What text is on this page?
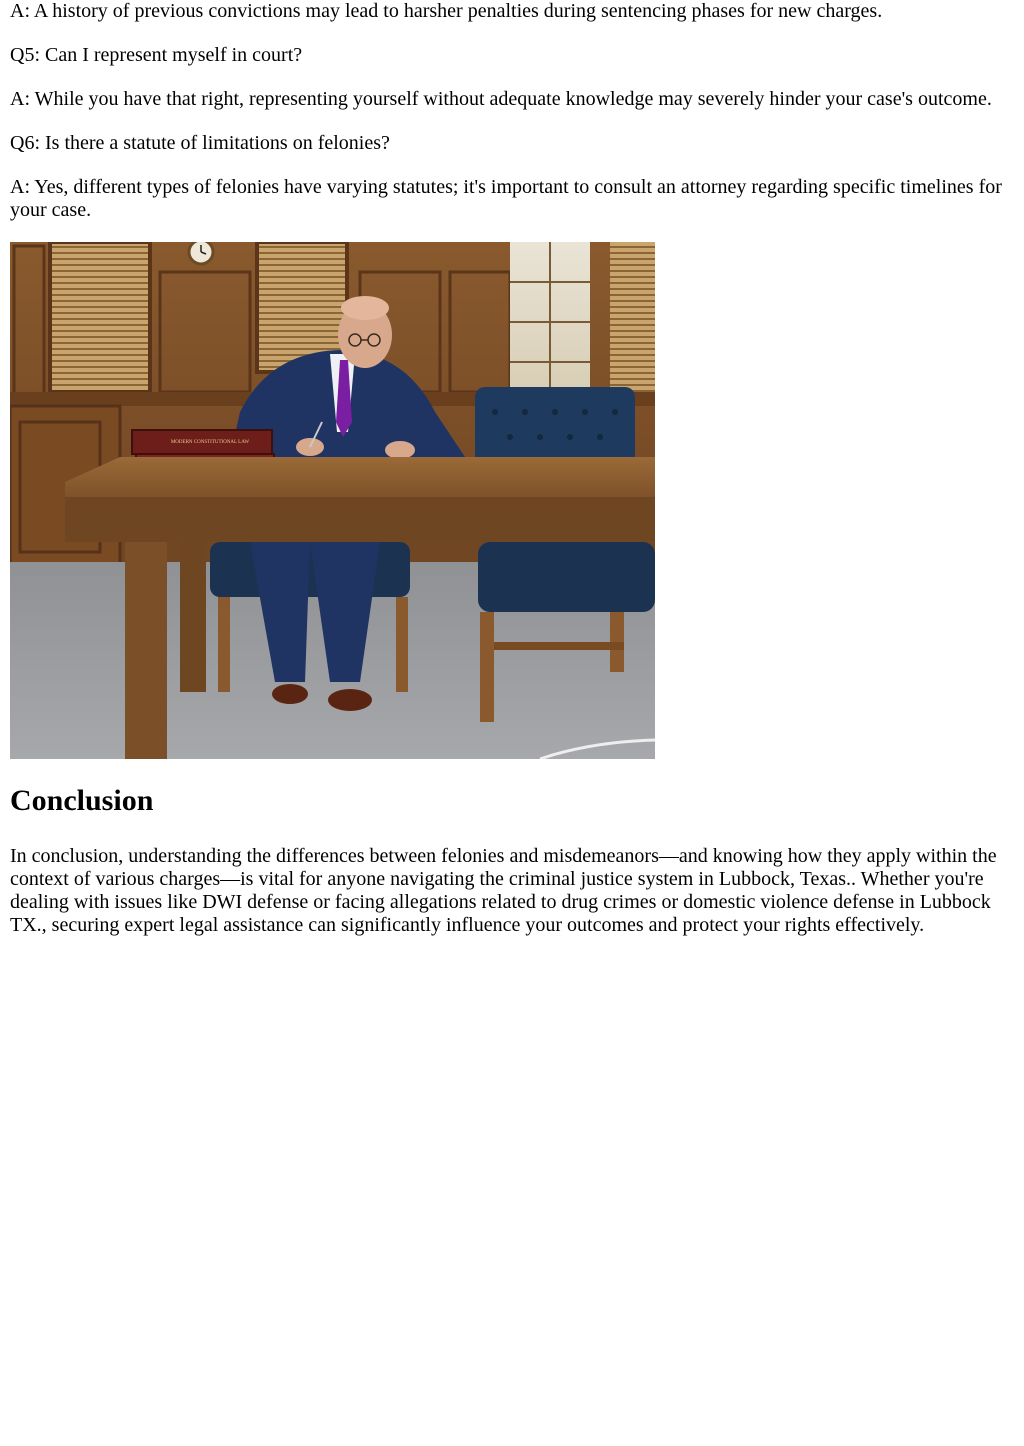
A: A history of previous convictions may lead to harsher penalties during sentencing phases for new charges.

Q5: Can I represent myself in court?

A: While you have that right, representing yourself without adequate knowledge may severely hinder your case's outcome.

Q6: Is there a statute of limitations on felonies?

A: Yes, different types of felonies have varying statutes; it's important to consult an attorney regarding specific timelines for your case.

MODERN CONSTITUTIONAL LAW
Conclusion

In conclusion, understanding the differences between felonies and misdemeanors—and knowing how they apply within the context of various charges—is vital for anyone navigating the criminal justice system in Lubbock, Texas.. Whether you're dealing with issues like DWI defense or facing allegations related to drug crimes or domestic violence defense in Lubbock TX., securing expert legal assistance can significantly influence your outcomes and protect your rights effectively.
